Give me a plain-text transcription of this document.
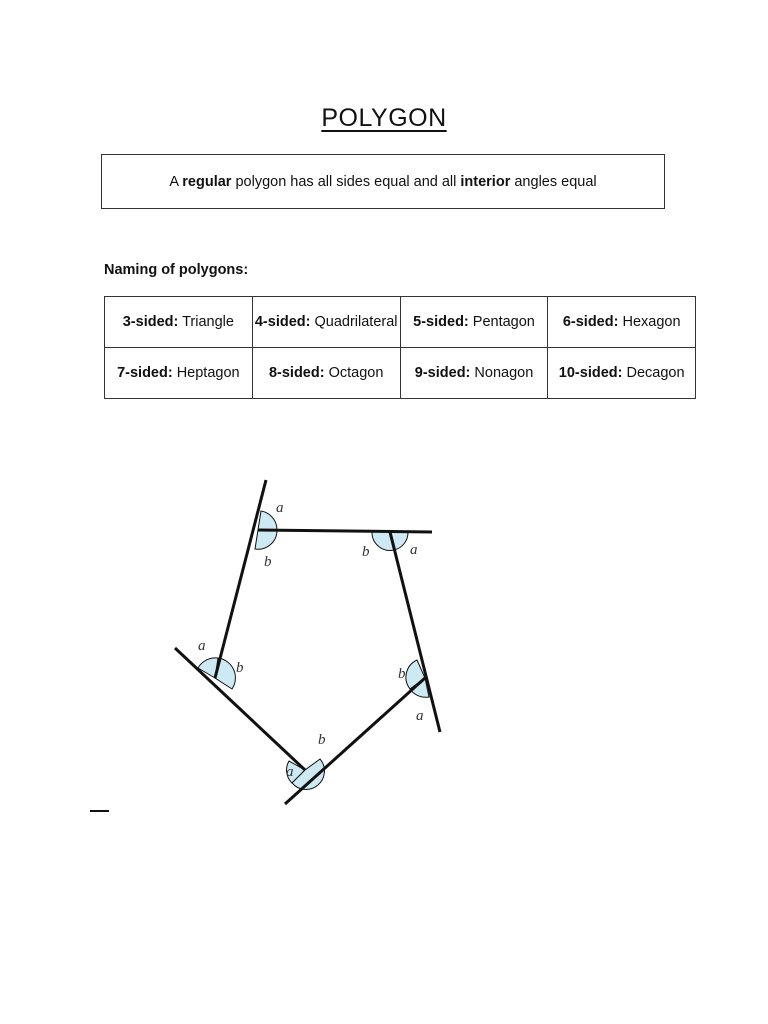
POLYGON
A regular polygon has all sides equal and all interior angles equal
Naming of polygons:
3-sided: Triangle	4-sided: Quadrilateral	5-sided: Pentagon	6-sided: Hexagon
7-sided: Heptagon	8-sided: Octagon	9-sided: Nonagon	10-sided: Decagon
a
b
b	a
a
b	b
a
b
a
